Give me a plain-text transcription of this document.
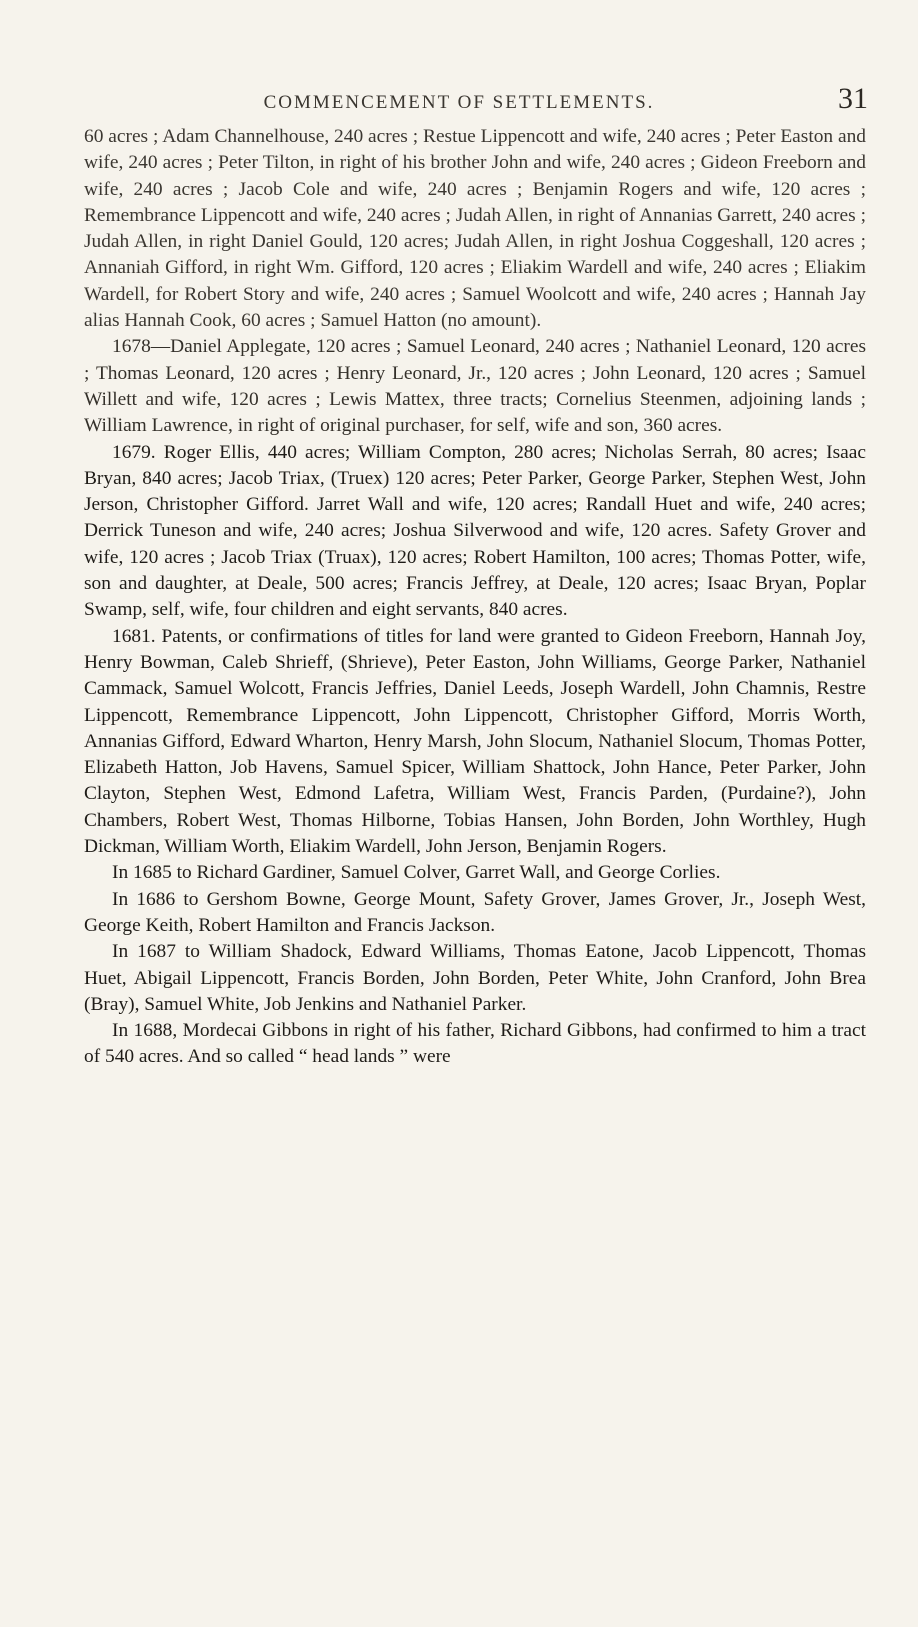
COMMENCEMENT OF SETTLEMENTS.	31

60 acres ; Adam Channelhouse, 240 acres ; Restue Lippencott and wife, 240 acres ; Peter Easton and wife, 240 acres ; Peter Tilton, in right of his brother John and wife, 240 acres ; Gideon Freeborn and wife, 240 acres ; Jacob Cole and wife, 240 acres ; Benjamin Rogers and wife, 120 acres ; Remembrance Lippencott and wife, 240 acres ; Judah Allen, in right of Annanias Garrett, 240 acres ; Judah Allen, in right Daniel Gould, 120 acres; Judah Allen, in right Joshua Coggeshall, 120 acres ; Annaniah Gifford, in right Wm. Gifford, 120 acres ; Eliakim Wardell and wife, 240 acres ; Eliakim Wardell, for Robert Story and wife, 240 acres ; Samuel Woolcott and wife, 240 acres ; Hannah Jay alias Hannah Cook, 60 acres ; Samuel Hatton (no amount).

1678—Daniel Applegate, 120 acres ; Samuel Leonard, 240 acres ; Nathaniel Leonard, 120 acres ; Thomas Leonard, 120 acres ; Henry Leonard, Jr., 120 acres ; John Leonard, 120 acres ; Samuel Willett and wife, 120 acres ; Lewis Mattex, three tracts; Cornelius Steenmen, adjoining lands ; William Lawrence, in right of original purchaser, for self, wife and son, 360 acres.

1679. Roger Ellis, 440 acres; William Compton, 280 acres; Nicholas Serrah, 80 acres; Isaac Bryan, 840 acres; Jacob Triax, (Truex) 120 acres; Peter Parker, George Parker, Stephen West, John Jerson, Christopher Gifford. Jarret Wall and wife, 120 acres; Randall Huet and wife, 240 acres; Derrick Tuneson and wife, 240 acres; Joshua Silverwood and wife, 120 acres. Safety Grover and wife, 120 acres ; Jacob Triax (Truax), 120 acres; Robert Hamilton, 100 acres; Thomas Potter, wife, son and daughter, at Deale, 500 acres; Francis Jeffrey, at Deale, 120 acres; Isaac Bryan, Poplar Swamp, self, wife, four children and eight servants, 840 acres.

1681. Patents, or confirmations of titles for land were granted to Gideon Freeborn, Hannah Joy, Henry Bowman, Caleb Shrieff, (Shrieve), Peter Easton, John Williams, George Parker, Nathaniel Cammack, Samuel Wolcott, Francis Jeffries, Daniel Leeds, Joseph Wardell, John Chamnis, Restre Lippencott, Remembrance Lippencott, John Lippencott, Christopher Gifford, Morris Worth, Annanias Gifford, Edward Wharton, Henry Marsh, John Slocum, Nathaniel Slocum, Thomas Potter, Elizabeth Hatton, Job Havens, Samuel Spicer, William Shattock, John Hance, Peter Parker, John Clayton, Stephen West, Edmond Lafetra, William West, Francis Parden, (Purdaine?), John Chambers, Robert West, Thomas Hilborne, Tobias Hansen, John Borden, John Worthley, Hugh Dickman, William Worth, Eliakim Wardell, John Jerson, Benjamin Rogers.

In 1685 to Richard Gardiner, Samuel Colver, Garret Wall, and George Corlies.

In 1686 to Gershom Bowne, George Mount, Safety Grover, James Grover, Jr., Joseph West, George Keith, Robert Hamilton and Francis Jackson.

In 1687 to William Shadock, Edward Williams, Thomas Eatone, Jacob Lippencott, Thomas Huet, Abigail Lippencott, Francis Borden, John Borden, Peter White, John Cranford, John Brea (Bray), Samuel White, Job Jenkins and Nathaniel Parker.

In 1688, Mordecai Gibbons in right of his father, Richard Gibbons, had confirmed to him a tract of 540 acres. And so called “ head lands ” were
